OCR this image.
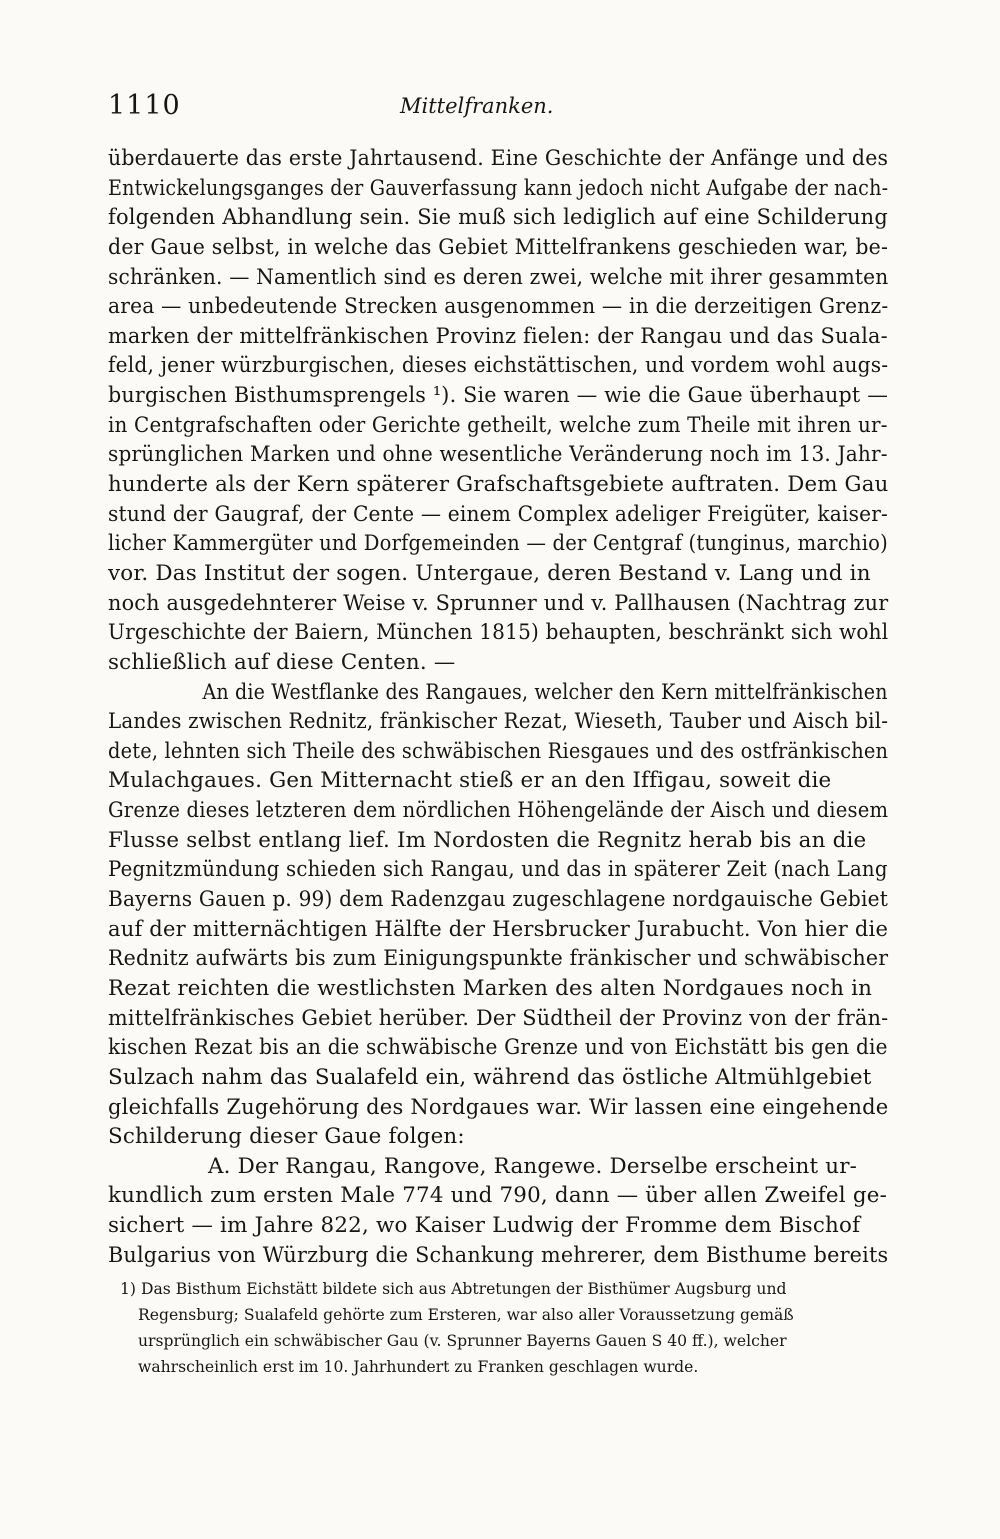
1110	Mittelfranken.
überdauerte das erste Jahrtausend. Eine Geschichte der Anfänge und des
Entwickelungsganges der Gauverfassung kann jedoch nicht Aufgabe der nach-
folgenden Abhandlung sein. Sie muß sich lediglich auf eine Schilderung
der Gaue selbst, in welche das Gebiet Mittelfrankens geschieden war, be-
schränken. — Namentlich sind es deren zwei, welche mit ihrer gesammten
area — unbedeutende Strecken ausgenommen — in die derzeitigen Grenz-
marken der mittelfränkischen Provinz fielen: der Rangau und das Suala-
feld, jener würzburgischen, dieses eichstättischen, und vordem wohl augs-
burgischen Bisthumsprengels ¹). Sie waren — wie die Gaue überhaupt —
in Centgrafschaften oder Gerichte getheilt, welche zum Theile mit ihren ur-
sprünglichen Marken und ohne wesentliche Veränderung noch im 13. Jahr-
hunderte als der Kern späterer Grafschaftsgebiete auftraten. Dem Gau
stund der Gaugraf, der Cente — einem Complex adeliger Freigüter, kaiser-
licher Kammergüter und Dorfgemeinden — der Centgraf (tunginus, marchio)
vor. Das Institut der sogen. Untergaue, deren Bestand v. Lang und in
noch ausgedehnterer Weise v. Sprunner und v. Pallhausen (Nachtrag zur
Urgeschichte der Baiern, München 1815) behaupten, beschränkt sich wohl
schließlich auf diese Centen. —
An die Westflanke des Rangaues, welcher den Kern mittelfränkischen
Landes zwischen Rednitz, fränkischer Rezat, Wieseth, Tauber und Aisch bil-
dete, lehnten sich Theile des schwäbischen Riesgaues und des ostfränkischen
Mulachgaues. Gen Mitternacht stieß er an den Iffigau, soweit die
Grenze dieses letzteren dem nördlichen Höhengelände der Aisch und diesem
Flusse selbst entlang lief. Im Nordosten die Regnitz herab bis an die
Pegnitzmündung schieden sich Rangau, und das in späterer Zeit (nach Lang
Bayerns Gauen p. 99) dem Radenzgau zugeschlagene nordgauische Gebiet
auf der mitternächtigen Hälfte der Hersbrucker Jurabucht. Von hier die
Rednitz aufwärts bis zum Einigungspunkte fränkischer und schwäbischer
Rezat reichten die westlichsten Marken des alten Nordgaues noch in
mittelfränkisches Gebiet herüber. Der Südtheil der Provinz von der frän-
kischen Rezat bis an die schwäbische Grenze und von Eichstätt bis gen die
Sulzach nahm das Sualafeld ein, während das östliche Altmühlgebiet
gleichfalls Zugehörung des Nordgaues war. Wir lassen eine eingehende
Schilderung dieser Gaue folgen:
A. Der Rangau, Rangove, Rangewe. Derselbe erscheint ur-
kundlich zum ersten Male 774 und 790, dann — über allen Zweifel ge-
sichert — im Jahre 822, wo Kaiser Ludwig der Fromme dem Bischof
Bulgarius von Würzburg die Schankung mehrerer, dem Bisthume bereits
1) Das Bisthum Eichstätt bildete sich aus Abtretungen der Bisthümer Augsburg und
Regensburg; Sualafeld gehörte zum Ersteren, war also aller Voraussetzung gemäß
ursprünglich ein schwäbischer Gau (v. Sprunner Bayerns Gauen S 40 ff.), welcher
wahrscheinlich erst im 10. Jahrhundert zu Franken geschlagen wurde.
